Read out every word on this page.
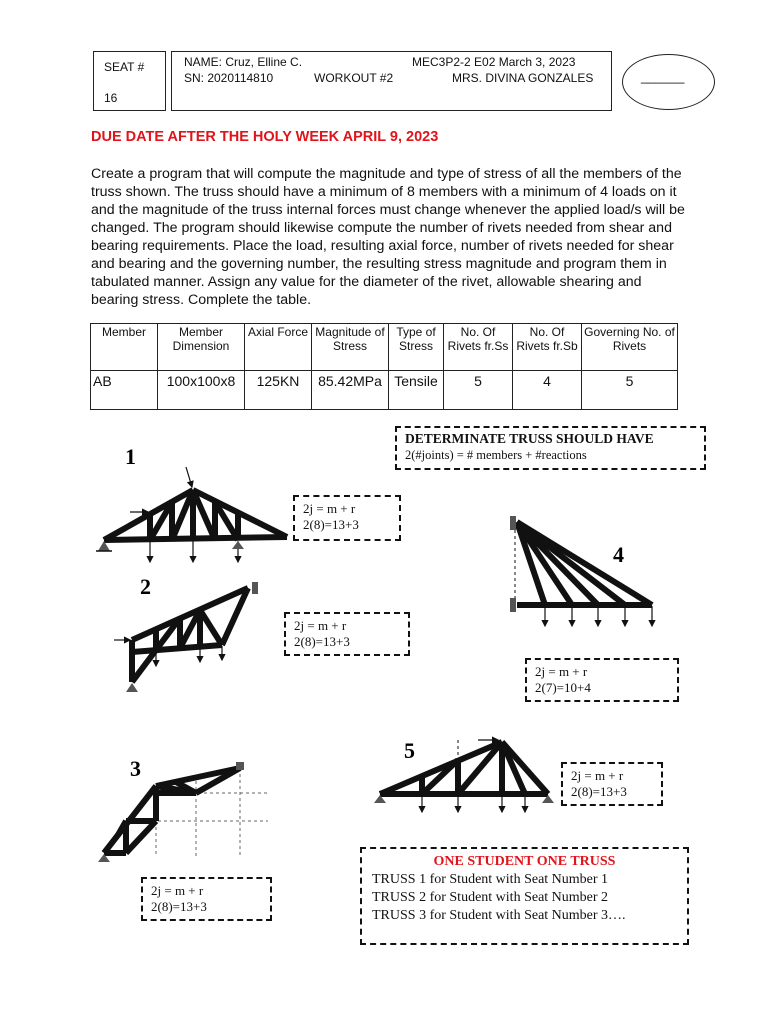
SEAT #
16
NAME: Cruz, Elline C.	MEC3P2-2 E02 March 3, 2023
SN: 2020114810	WORKOUT #2	MRS. DIVINA GONZALES	______
DUE DATE AFTER THE HOLY WEEK APRIL 9, 2023
Create a program that will compute the magnitude and type of stress of all the members of the truss shown. The truss should have a minimum of 8 members with a minimum of 4 loads on it and the magnitude of the truss internal forces must change whenever the applied load/s will be changed. The program should likewise compute the number of rivets needed from shear and bearing requirements. Place the load, resulting axial force, number of rivets needed for shear and bearing and the governing number, the resulting stress magnitude and program them in tabulated manner. Assign any value for the diameter of the rivet, allowable shearing and bearing stress. Complete the table.
Member	Member Dimension	Axial Force	Magnitude of Stress	Type of Stress	No. Of Rivets fr.Ss	No. Of Rivets fr.Sb	Governing No. of Rivets
AB	100x100x8	125KN	85.42MPa	Tensile	5	4	5
1
2
3
4
5
DETERMINATE TRUSS SHOULD HAVE
2(#joints) = # members + #reactions
2j = m + r
2(8)=13+3
2j = m + r
2(8)=13+3
2j = m + r
2(7)=10+4
2j = m + r
2(8)=13+3
2j = m + r
2(8)=13+3
ONE STUDENT ONE TRUSS
TRUSS 1 for Student with Seat Number 1
TRUSS 2 for Student with Seat Number 2
TRUSS 3 for Student with Seat Number 3….
